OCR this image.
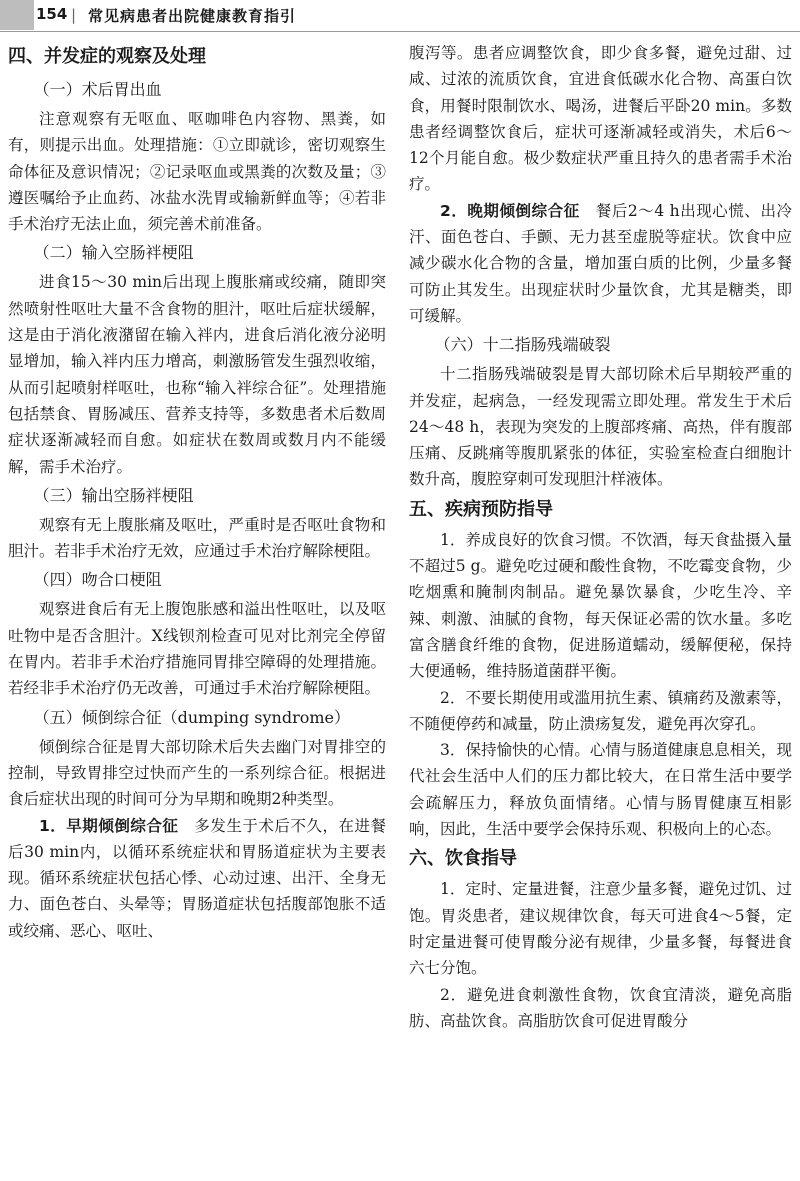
154 | 常见病患者出院健康教育指引
四、并发症的观察及处理
（一）术后胃出血

注意观察有无呕血、呕咖啡色内容物、黑粪，如有，则提示出血。处理措施：①立即就诊，密切观察生命体征及意识情况；②记录呕血或黑粪的次数及量；③遵医嘱给予止血药、冰盐水洗胃或输新鲜血等；④若非手术治疗无法止血，须完善术前准备。

（二）输入空肠袢梗阻

进食15～30 min后出现上腹胀痛或绞痛，随即突然喷射性呕吐大量不含食物的胆汁，呕吐后症状缓解，这是由于消化液潴留在输入袢内，进食后消化液分泌明显增加，输入袢内压力增高，刺激肠管发生强烈收缩，从而引起喷射样呕吐，也称“输入袢综合征”。处理措施包括禁食、胃肠减压、营养支持等，多数患者术后数周症状逐渐减轻而自愈。如症状在数周或数月内不能缓解，需手术治疗。

（三）输出空肠袢梗阻

观察有无上腹胀痛及呕吐，严重时是否呕吐食物和胆汁。若非手术治疗无效，应通过手术治疗解除梗阻。

（四）吻合口梗阻

观察进食后有无上腹饱胀感和溢出性呕吐，以及呕吐物中是否含胆汁。X线钡剂检查可见对比剂完全停留在胃内。若非手术治疗措施同胃排空障碍的处理措施。若经非手术治疗仍无改善，可通过手术治疗解除梗阻。

（五）倾倒综合征（dumping syndrome）

倾倒综合征是胃大部切除术后失去幽门对胃排空的控制，导致胃排空过快而产生的一系列综合征。根据进食后症状出现的时间可分为早期和晚期2种类型。

1．早期倾倒综合征　 多发生于术后不久，在进餐后30 min内，以循环系统症状和胃肠道症状为主要表现。循环系统症状包括心悸、心动过速、出汗、全身无力、面色苍白、头晕等；胃肠道症状包括腹部饱胀不适或绞痛、恶心、呕吐、

腹泻等。患者应调整饮食，即少食多餐，避免过甜、过咸、过浓的流质饮食，宜进食低碳水化合物、高蛋白饮食，用餐时限制饮水、喝汤，进餐后平卧20 min。多数患者经调整饮食后，症状可逐渐减轻或消失，术后6～12个月能自愈。极少数症状严重且持久的患者需手术治疗。

2．晚期倾倒综合征　 餐后2～4 h出现心慌、出冷汗、面色苍白、手颤、无力甚至虚脱等症状。饮食中应减少碳水化合物的含量，增加蛋白质的比例，少量多餐可防止其发生。出现症状时少量饮食，尤其是糖类，即可缓解。

（六）十二指肠残端破裂

十二指肠残端破裂是胃大部切除术后早期较严重的并发症，起病急，一经发现需立即处理。常发生于术后24～48 h，表现为突发的上腹部疼痛、高热，伴有腹部压痛、反跳痛等腹肌紧张的体征，实验室检查白细胞计数升高，腹腔穿刺可发现胆汁样液体。

五、疾病预防指导

1．养成良好的饮食习惯。不饮酒，每天食盐摄入量不超过5 g。避免吃过硬和酸性食物，不吃霉变食物，少吃烟熏和腌制肉制品。避免暴饮暴食，少吃生冷、辛辣、刺激、油腻的食物，每天保证必需的饮水量。多吃富含膳食纤维的食物，促进肠道蠕动，缓解便秘，保持大便通畅，维持肠道菌群平衡。

2．不要长期使用或滥用抗生素、镇痛药及激素等，不随便停药和减量，防止溃疡复发，避免再次穿孔。

3．保持愉快的心情。心情与肠道健康息息相关，现代社会生活中人们的压力都比较大，在日常生活中要学会疏解压力，释放负面情绪。心情与肠胃健康互相影响，因此，生活中要学会保持乐观、积极向上的心态。

六、饮食指导

1．定时、定量进餐，注意少量多餐，避免过饥、过饱。胃炎患者，建议规律饮食，每天可进食4～5餐，定时定量进餐可使胃酸分泌有规律，少量多餐，每餐进食六七分饱。

2．避免进食刺激性食物，饮食宜清淡，避免高脂肪、高盐饮食。高脂肪饮食可促进胃酸分
